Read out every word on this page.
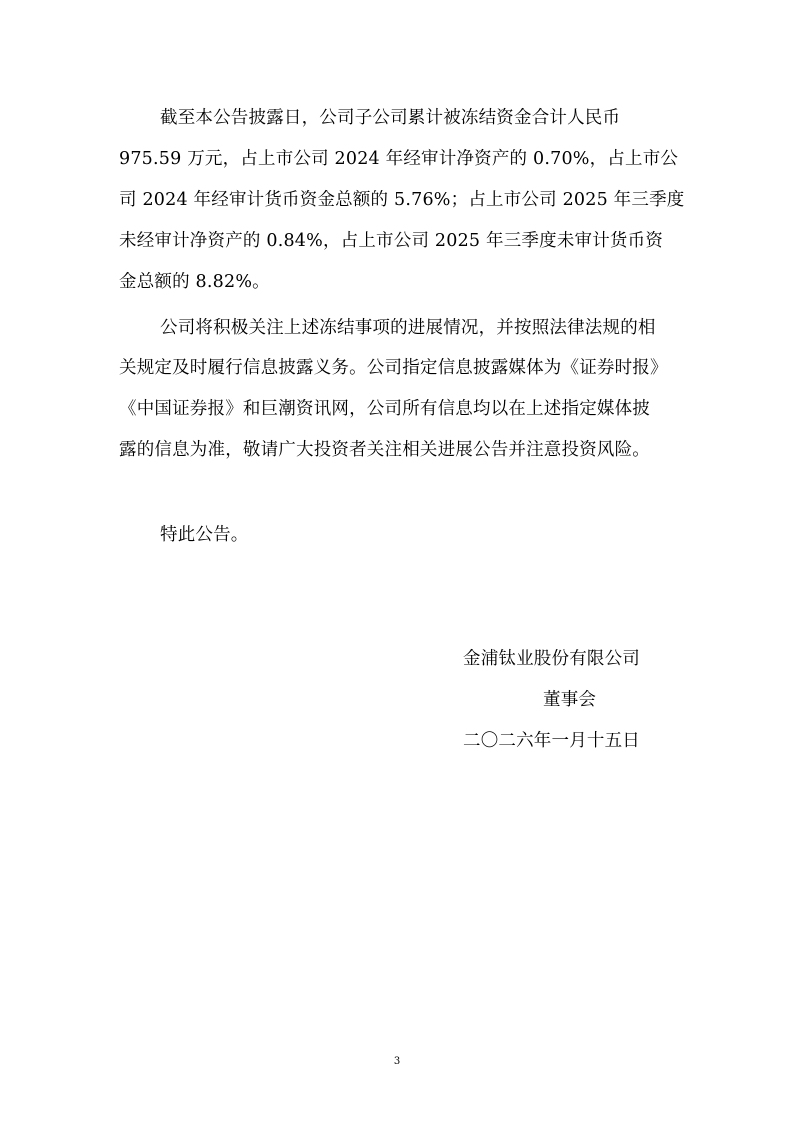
截至本公告披露日，公司子公司累计被冻结资金合计人民币
975.59 万元，占上市公司 2024 年经审计净资产的 0.70%，占上市公
司 2024 年经审计货币资金总额的 5.76%；占上市公司 2025 年三季度
未经审计净资产的 0.84%，占上市公司 2025 年三季度未审计货币资
金总额的 8.82%。
公司将积极关注上述冻结事项的进展情况，并按照法律法规的相
关规定及时履行信息披露义务。公司指定信息披露媒体为《证券时报》
《中国证券报》和巨潮资讯网，公司所有信息均以在上述指定媒体披
露的信息为准，敬请广大投资者关注相关进展公告并注意投资风险。
特此公告。
金浦钛业股份有限公司
董事会
二〇二六年一月十五日
3
